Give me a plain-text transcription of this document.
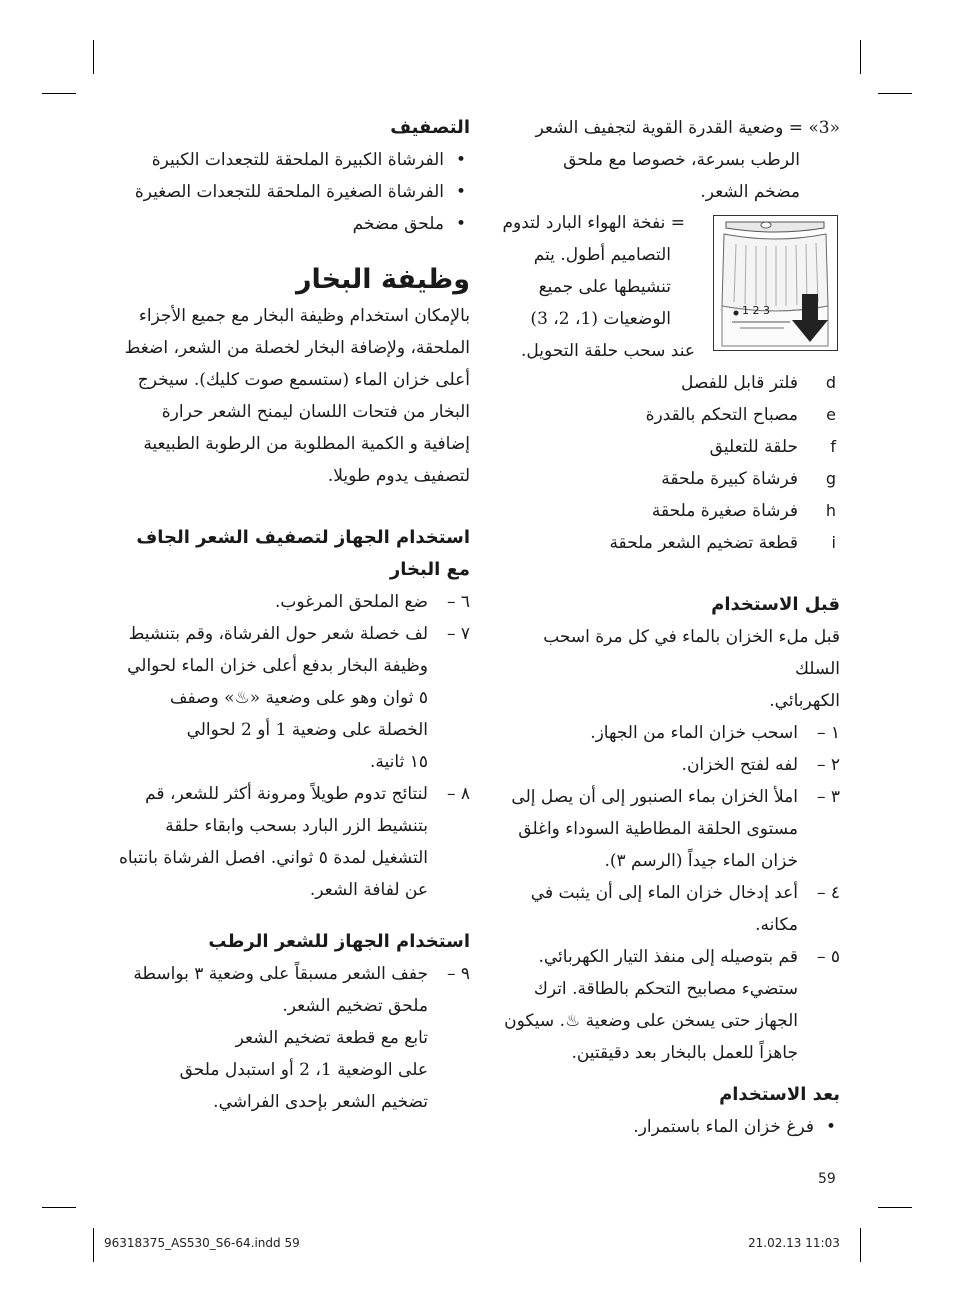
«3» = وضعية القدرة القوية لتجفيف الشعر
الرطب بسرعة، خصوصا مع ملحق
مضخم الشعر.
= نفخة الهواء البارد لتدوم
التصاميم أطول. يتم
تنشيطها على جميع
الوضعيات (1، 2، 3)
عند سحب حلقة التحويل.
d
فلتر قابل للفصل
e
مصباح التحكم بالقدرة
f
حلقة للتعليق
g
فرشاة كبيرة ملحقة
h
فرشاة صغيرة ملحقة
i
قطعة تضخيم الشعر ملحقة
قبل الاستخدام
قبل ملء الخزان بالماء في كل مرة اسحب السلك
الكهربائي.
١ –
اسحب خزان الماء من الجهاز.
٢ –
لفه لفتح الخزان.
٣ –
املأ الخزان بماء الصنبور إلى أن يصل إلى
مستوى الحلقة المطاطية السوداء واغلق
خزان الماء جيداً (الرسم ٣).
٤ –
أعد إدخال خزان الماء إلى أن يثبت في
مكانه.
٥ –
قم بتوصيله إلى منفذ التيار الكهربائي.
ستضيء مصابيح التحكم بالطاقة. اترك
الجهاز حتى يسخن على وضعية ♨. سيكون
جاهزاً للعمل بالبخار بعد دقيقتين.
بعد الاستخدام
•
فرغ خزان الماء باستمرار.
1 2 3
التصفيف
•
الفرشاة الكبيرة الملحقة للتجعدات الكبيرة
•
الفرشاة الصغيرة الملحقة للتجعدات الصغيرة
•
ملحق مضخم
وظيفة البخار
بالإمكان استخدام وظيفة البخار مع جميع الأجزاء
الملحقة، ولإضافة البخار لخصلة من الشعر، اضغط
أعلى خزان الماء (ستسمع صوت كليك). سيخرج
البخار من فتحات اللسان ليمنح الشعر حرارة
إضافية و الكمية المطلوبة من الرطوبة الطبيعية
لتصفيف يدوم طويلا.
استخدام الجهاز لتصفيف الشعر الجاف
مع البخار
٦ –
ضع الملحق المرغوب.
٧ –
لف خصلة شعر حول الفرشاة، وقم بتنشيط
وظيفة البخار بدفع أعلى خزان الماء لحوالي
٥ ثوان وهو على وضعية «♨» وصفف
الخصلة على وضعية 1 أو 2 لحوالي
١٥ ثانية.
٨ –
لنتائج تدوم طويلاً ومرونة أكثر للشعر، قم
بتنشيط الزر البارد بسحب وابقاء حلقة
التشغيل لمدة ٥ ثواني. افصل الفرشاة بانتباه
عن لفافة الشعر.
استخدام الجهاز للشعر الرطب
٩ –
جفف الشعر مسبقاً على وضعية ٣ بواسطة
ملحق تضخيم الشعر.
تابع مع قطعة تضخيم الشعر
على الوضعية 1، 2 أو استبدل ملحق
تضخيم الشعر بإحدى الفراشي.
59
96318375_AS530_S6-64.indd 59	21.02.13 11:03
